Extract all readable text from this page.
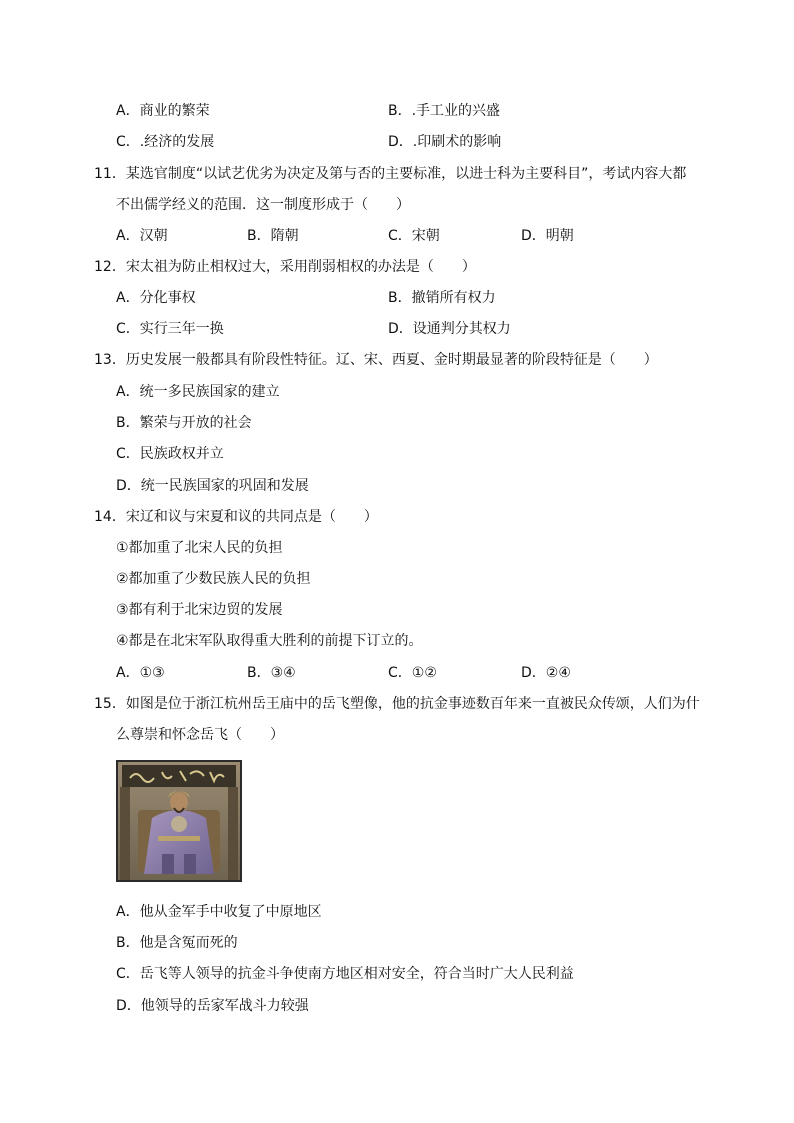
A．商业的繁荣	B．.手工业的兴盛
C．.经济的发展	D．.印刷术的影响
11．某选官制度“以试艺优劣为决定及第与否的主要标准，以进士科为主要科目”，考试内容大都
不出儒学经义的范围．这一制度形成于（　　）
A．汉朝	B．隋朝	C．宋朝	D．明朝
12．宋太祖为防止相权过大，采用削弱相权的办法是（　　）
A．分化事权	B．撤销所有权力
C．实行三年一换	D．设通判分其权力
13．历史发展一般都具有阶段性特征。辽、宋、西夏、金时期最显著的阶段特征是（　　）
A．统一多民族国家的建立
B．繁荣与开放的社会
C．民族政权并立
D．统一民族国家的巩固和发展
14．宋辽和议与宋夏和议的共同点是（　　）
①都加重了北宋人民的负担
②都加重了少数民族人民的负担
③都有利于北宋边贸的发展
④都是在北宋军队取得重大胜利的前提下订立的。
A．①③	B．③④	C．①②	D．②④
15．如图是位于浙江杭州岳王庙中的岳飞塑像，他的抗金事迹数百年来一直被民众传颂，人们为什
么尊崇和怀念岳飞（　　）
A．他从金军手中收复了中原地区
B．他是含冤而死的
C．岳飞等人领导的抗金斗争使南方地区相对安全，符合当时广大人民利益
D．他领导的岳家军战斗力较强
